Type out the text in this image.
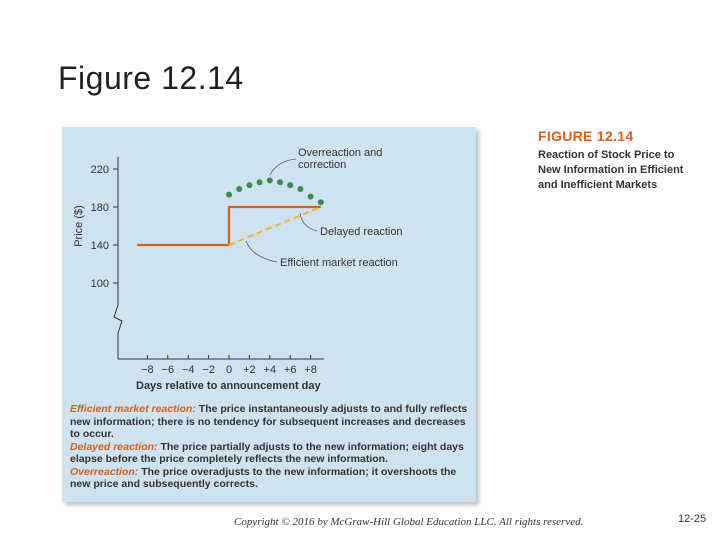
Figure 12.14
100
140
180
220
−8 −6 −4 −2 0 +2 +4 +6 +8
Days relative to announcement day
Price ($)
Overreaction and
correction
Delayed reaction
Efficient market reaction
Efficient market reaction: The price instantaneously adjusts to and fully reflects new information; there is no tendency for subsequent increases and decreases to occur.
Delayed reaction: The price partially adjusts to the new information; eight days elapse before the price completely reflects the new information.
Overreaction: The price overadjusts to the new information; it overshoots the new price and subsequently corrects.
FIGURE 12.14
Reaction of Stock Price to New Information in Efficient and Inefficient Markets
Copyright © 2016 by McGraw-Hill Global Education LLC. All rights reserved.	12-25
